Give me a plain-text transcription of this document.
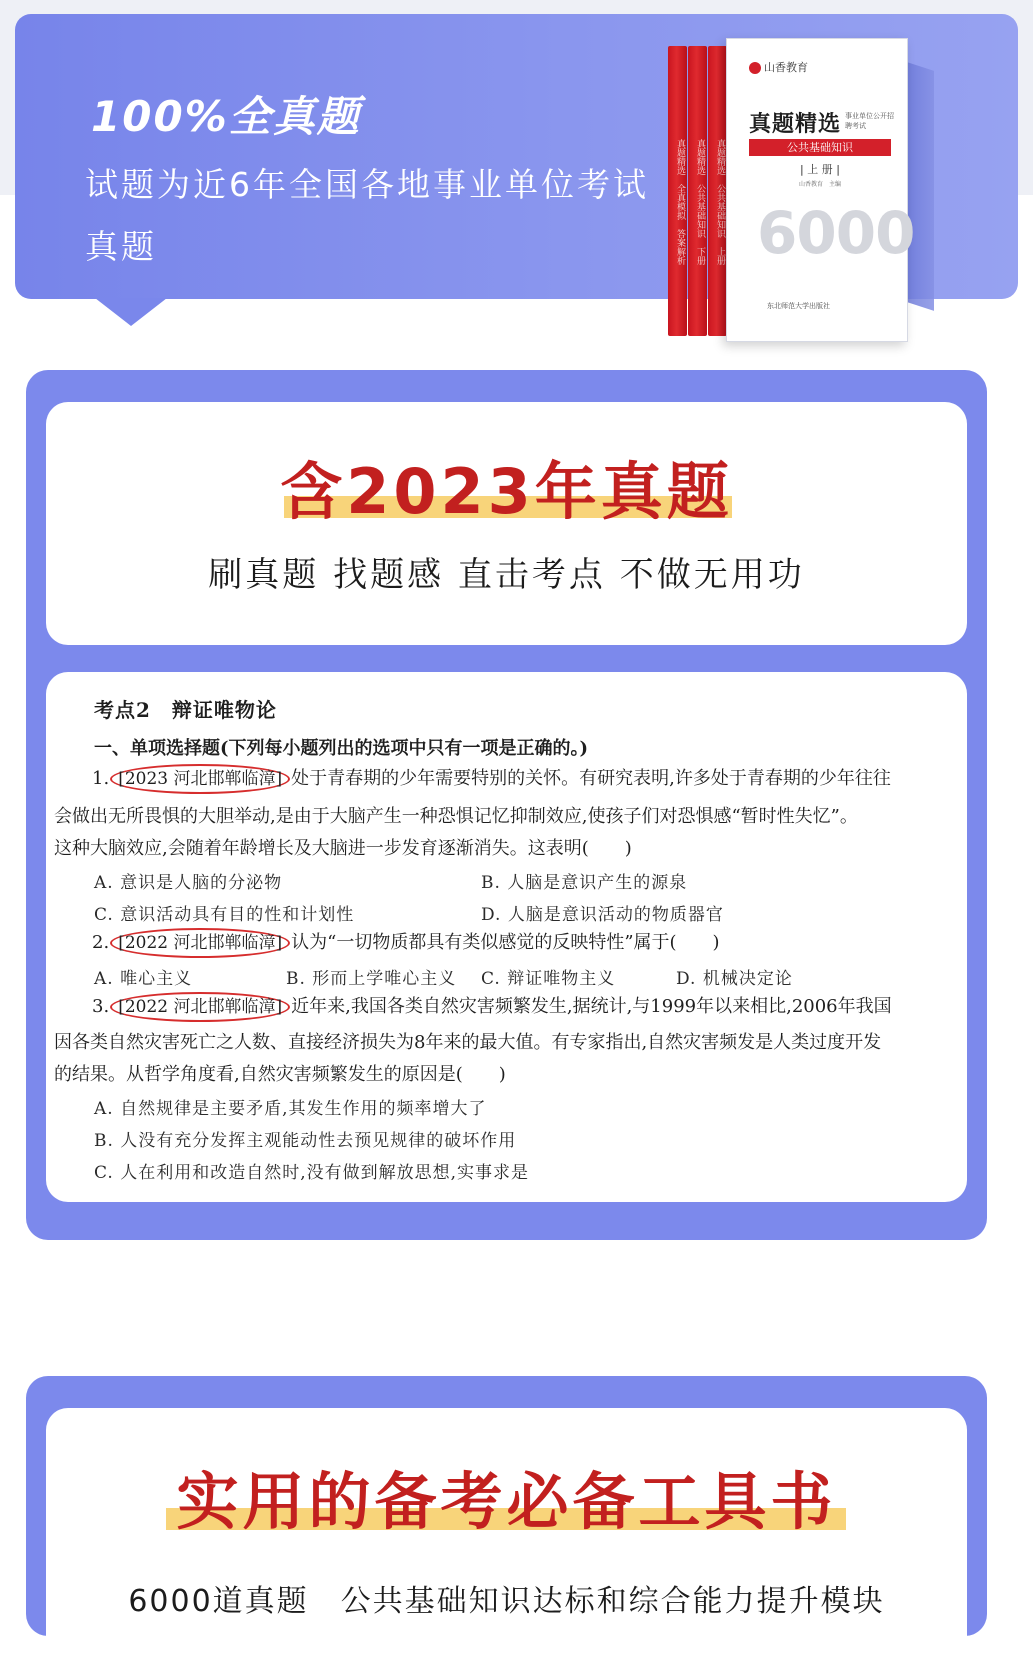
100%全真题
试题为近6年全国各地事业单位考试真题	真题精选　全真模拟　答案解析	真题精选　公共基础知识　下册	真题精选　公共基础知识　上册
山香教育
真题精选 事业单位公开招聘考试
公共基础知识
| 上 册 |
山香教育　主编
6000
东北师范大学出版社
含2023年真题
刷真题 找题感 直击考点 不做无用功
考点2　辩证唯物论
一、单项选择题(下列每小题列出的选项中只有一项是正确的。)
1. [2023 河北邯郸临漳] 处于青春期的少年需要特别的关怀。有研究表明,许多处于青春期的少年往往
会做出无所畏惧的大胆举动,是由于大脑产生一种恐惧记忆抑制效应,使孩子们对恐惧感“暂时性失忆”。
这种大脑效应,会随着年龄增长及大脑进一步发育逐渐消失。这表明(　　)
A. 意识是人脑的分泌物	B. 人脑是意识产生的源泉
C. 意识活动具有目的性和计划性	D. 人脑是意识活动的物质器官
2. [2022 河北邯郸临漳] 认为“一切物质都具有类似感觉的反映特性”属于(　　)
A. 唯心主义	B. 形而上学唯心主义 C. 辩证唯物主义	D. 机械决定论
3. [2022 河北邯郸临漳] 近年来,我国各类自然灾害频繁发生,据统计,与1999年以来相比,2006年我国
因各类自然灾害死亡之人数、直接经济损失为8年来的最大值。有专家指出,自然灾害频发是人类过度开发
的结果。从哲学角度看,自然灾害频繁发生的原因是(　　)
A. 自然规律是主要矛盾,其发生作用的频率增大了
B. 人没有充分发挥主观能动性去预见规律的破坏作用
C. 人在利用和改造自然时,没有做到解放思想,实事求是
实用的备考必备工具书
6000道真题　公共基础知识达标和综合能力提升模块
